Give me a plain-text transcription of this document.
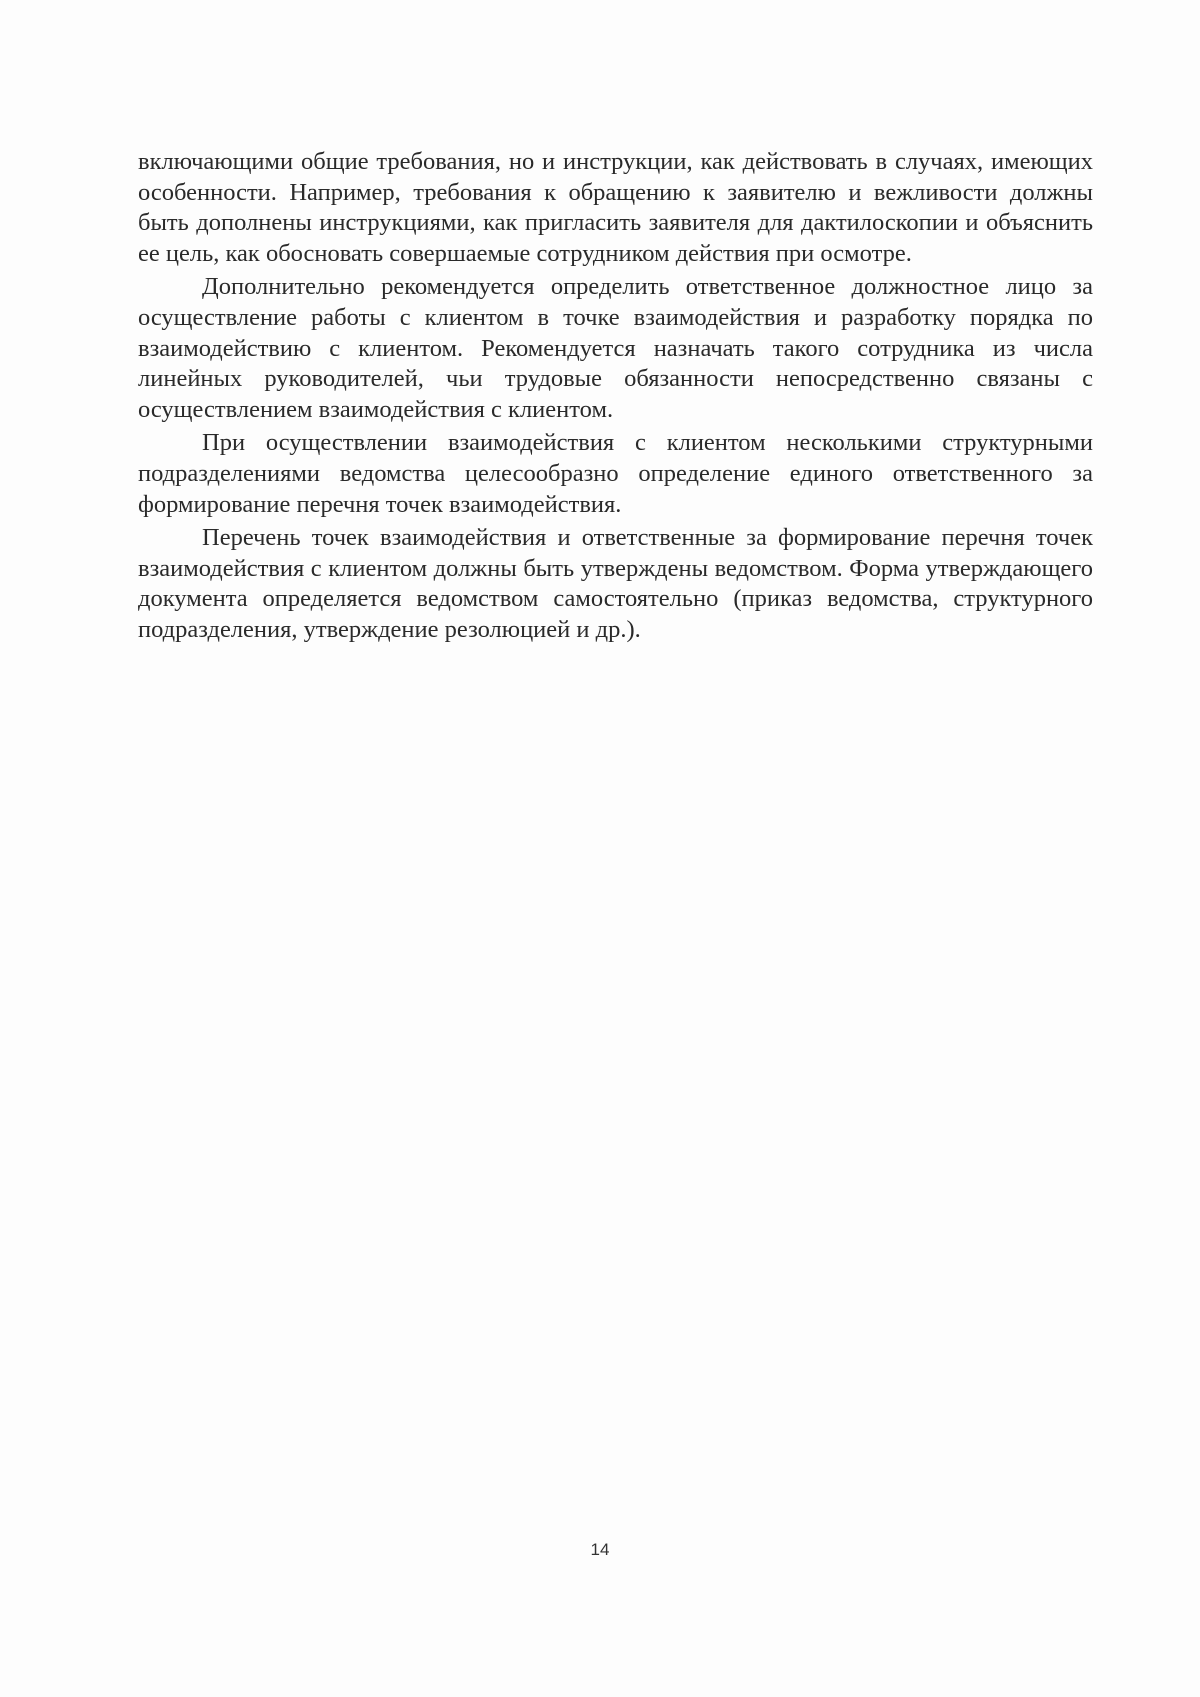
включающими общие требования, но и инструкции, как действовать в случаях, имеющих особенности. Например, требования к обращению к заявителю и вежливости должны быть дополнены инструкциями, как пригласить заявителя для дактилоскопии и объяснить ее цель, как обосновать совершаемые сотрудником действия при осмотре.

Дополнительно рекомендуется определить ответственное должностное лицо за осуществление работы с клиентом в точке взаимодействия и разработку порядка по взаимодействию с клиентом. Рекомендуется назначать такого сотрудника из числа линейных руководителей, чьи трудовые обязанности непосредственно связаны с осуществлением взаимодействия с клиентом.

При осуществлении взаимодействия с клиентом несколькими структурными подразделениями ведомства целесообразно определение единого ответственного за формирование перечня точек взаимодействия.

Перечень точек взаимодействия и ответственные за формирование перечня точек взаимодействия с клиентом должны быть утверждены ведомством. Форма утверждающего документа определяется ведомством самостоятельно (приказ ведомства, структурного подразделения, утверждение резолюцией и др.).

14
